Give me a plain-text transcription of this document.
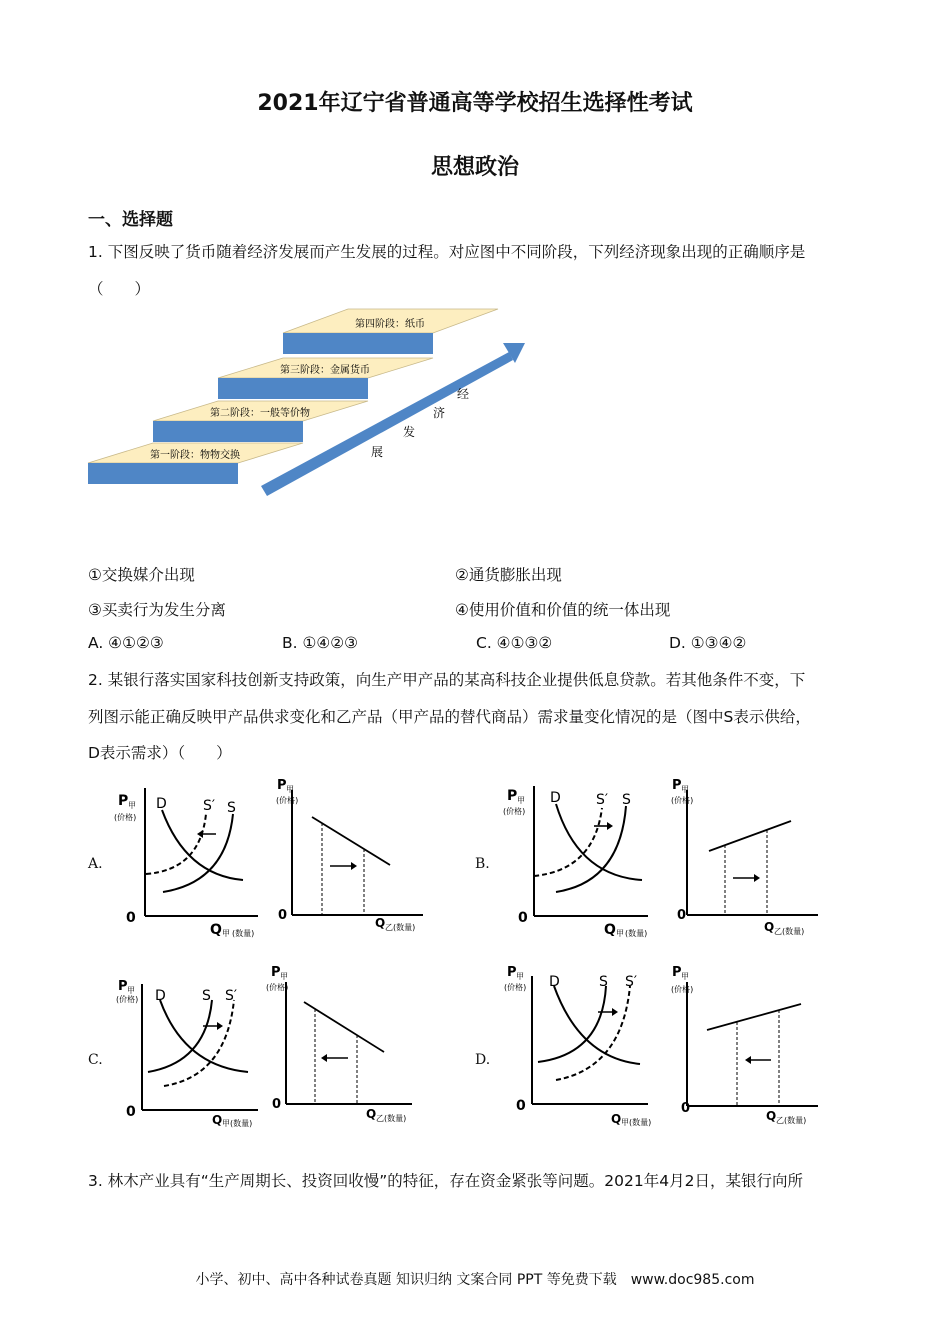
2021年辽宁省普通高等学校招生选择性考试
思想政治
一、选择题
1. 下图反映了货币随着经济发展而产生发展的过程。对应图中不同阶段，下列经济现象出现的正确顺序是
（　　）
第一阶段：物物交换
第二阶段：一般等价物
第三阶段：金属货币
第四阶段：纸币
经
济
发
展
①交换媒介出现	②通货膨胀出现
③买卖行为发生分离	④使用价值和价值的统一体出现
A. ④①②③	B. ①④②③	C. ④①③②	D. ①③④②
2. 某银行落实国家科技创新支持政策，向生产甲产品的某高科技企业提供低息贷款。若其他条件不变，下
列图示能正确反映甲产品供求变化和乙产品（甲产品的替代商品）需求量变化情况的是（图中S表示供给，
D表示需求）（　　）
A.
P 甲
(价格)
0
Q 甲 (数量)
D	S′ S
P 甲
(价格)
0	Q 乙 (数量)
B.
P 甲
(价格)
0
Q 甲 (数量)
D	S′ S
P 甲
(价格)
0
Q 乙 (数量)
C.
P 甲
(价格)
0	Q 甲 (数量)
D	S S′
P 甲
(价格)
0
Q 乙 (数量)
D.
P 甲
(价格)
0
Q 甲 (数量)
D	S S′
P 甲
(价格)
0	Q 乙 (数量)
3. 林木产业具有“生产周期长、投资回收慢”的特征，存在资金紧张等问题。2021年4月2日，某银行向所
小学、初中、高中各种试卷真题 知识归纳 文案合同 PPT 等免费下载　www.doc985.com
